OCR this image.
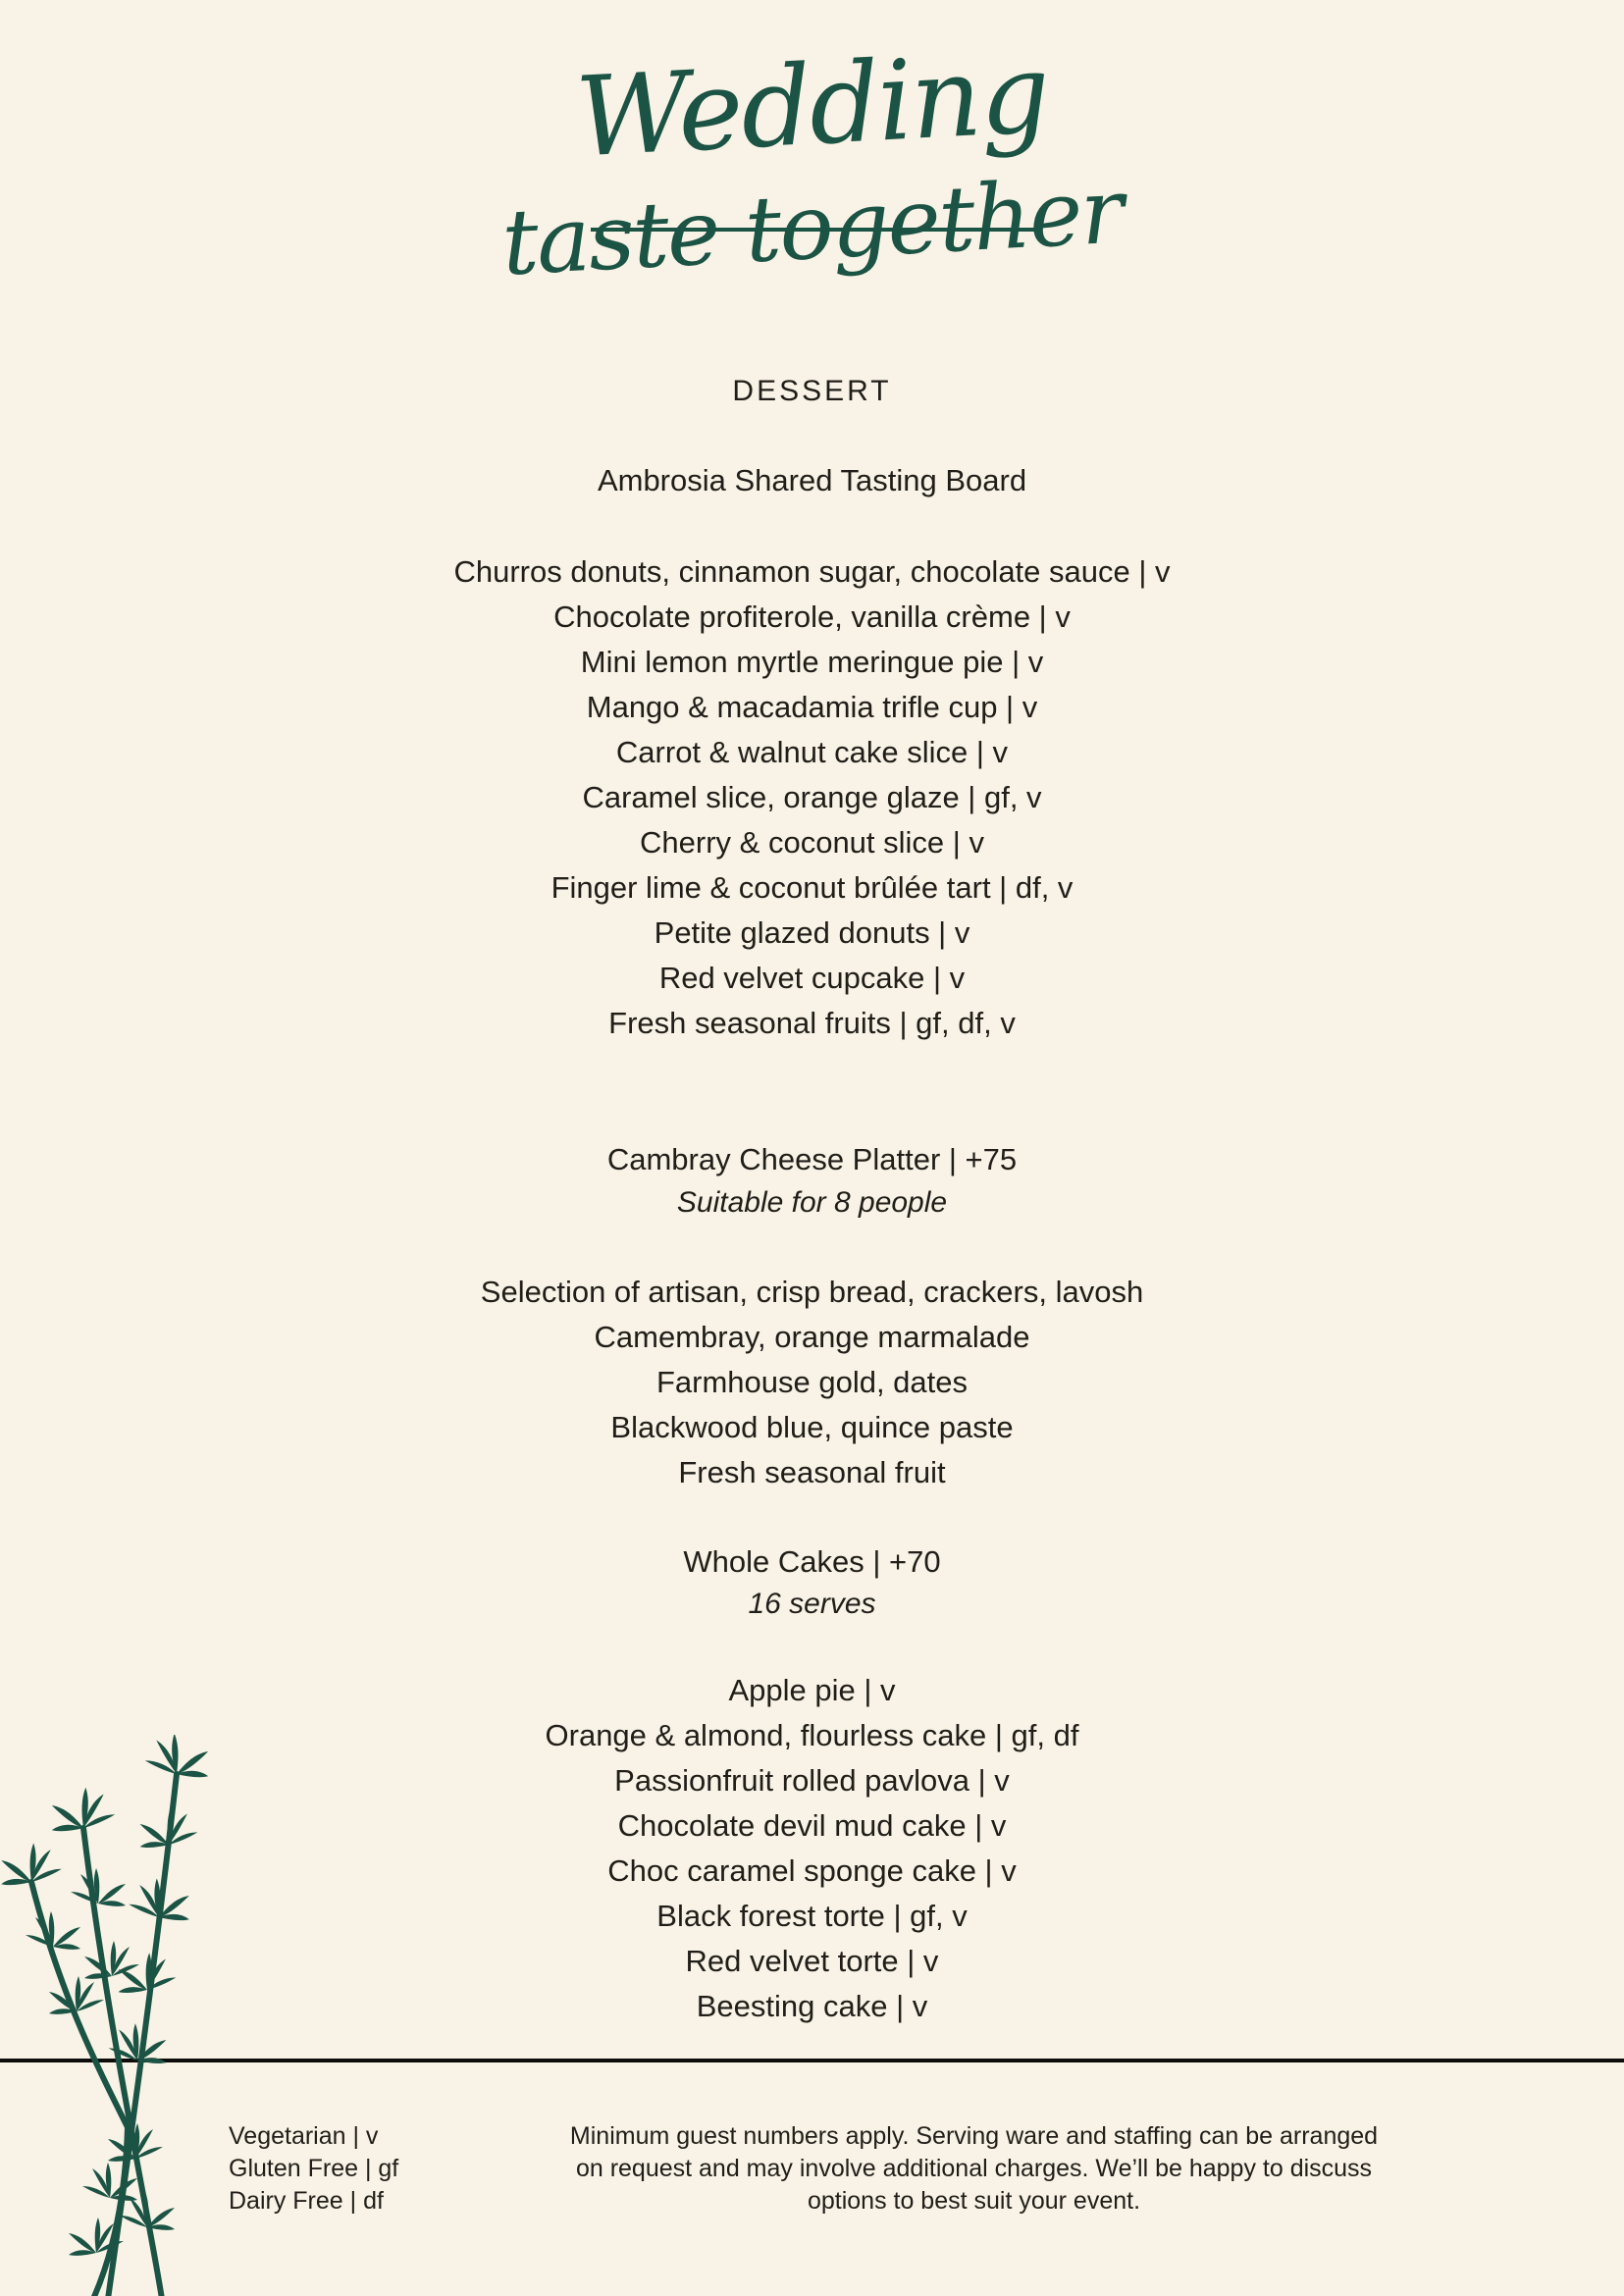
Wedding
taste together
DESSERT
Ambrosia Shared Tasting Board
Churros donuts, cinnamon sugar, chocolate sauce | v
Chocolate profiterole, vanilla crème | v
Mini lemon myrtle meringue pie | v
Mango & macadamia trifle cup | v
Carrot & walnut cake slice | v
Caramel slice, orange glaze | gf, v
Cherry & coconut slice | v
Finger lime & coconut brûlée tart | df, v
Petite glazed donuts | v
Red velvet cupcake | v
Fresh seasonal fruits | gf, df, v
Cambray Cheese Platter | +75
Suitable for 8 people
Selection of artisan, crisp bread, crackers, lavosh
Camembray, orange marmalade
Farmhouse gold, dates
Blackwood blue, quince paste
Fresh seasonal fruit
Whole Cakes | +70
16 serves
Apple pie | v
Orange & almond, flourless cake | gf, df
Passionfruit rolled pavlova | v
Chocolate devil mud cake | v
Choc caramel sponge cake | v
Black forest torte | gf, v
Red velvet torte | v
Beesting cake | v
Vegetarian | v
Gluten Free | gf
Dairy Free | df
Minimum guest numbers apply. Serving ware and staffing can be arranged
on request and may involve additional charges. We’ll be happy to discuss
options to best suit your event.
